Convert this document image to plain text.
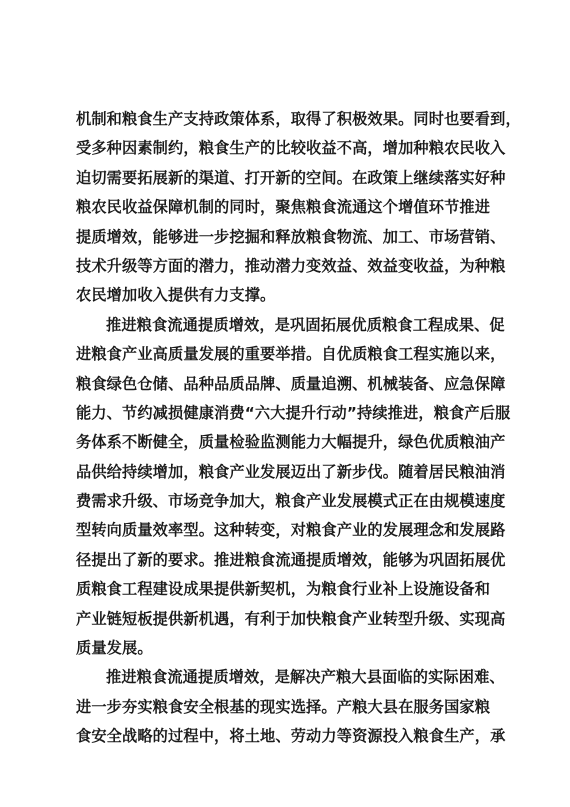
机制和粮食生产支持政策体系，取得了积极效果。同时也要看到，
受多种因素制约，粮食生产的比较收益不高，增加种粮农民收入
迫切需要拓展新的渠道、打开新的空间。在政策上继续落实好种
粮农民收益保障机制的同时，聚焦粮食流通这个增值环节推进
提质增效，能够进一步挖掘和释放粮食物流、加工、市场营销、
技术升级等方面的潜力，推动潜力变效益、效益变收益，为种粮
农民增加收入提供有力支撑。
推进粮食流通提质增效，是巩固拓展优质粮食工程成果、促
进粮食产业高质量发展的重要举措。自优质粮食工程实施以来，
粮食绿色仓储、品种品质品牌、质量追溯、机械装备、应急保障
能力、节约减损健康消费“六大提升行动”持续推进，粮食产后服
务体系不断健全，质量检验监测能力大幅提升，绿色优质粮油产
品供给持续增加，粮食产业发展迈出了新步伐。随着居民粮油消
费需求升级、市场竞争加大，粮食产业发展模式正在由规模速度
型转向质量效率型。这种转变，对粮食产业的发展理念和发展路
径提出了新的要求。推进粮食流通提质增效，能够为巩固拓展优
质粮食工程建设成果提供新契机，为粮食行业补上设施设备和
产业链短板提供新机遇，有利于加快粮食产业转型升级、实现高
质量发展。
推进粮食流通提质增效，是解决产粮大县面临的实际困难、
进一步夯实粮食安全根基的现实选择。产粮大县在服务国家粮
食安全战略的过程中，将土地、劳动力等资源投入粮食生产，承
